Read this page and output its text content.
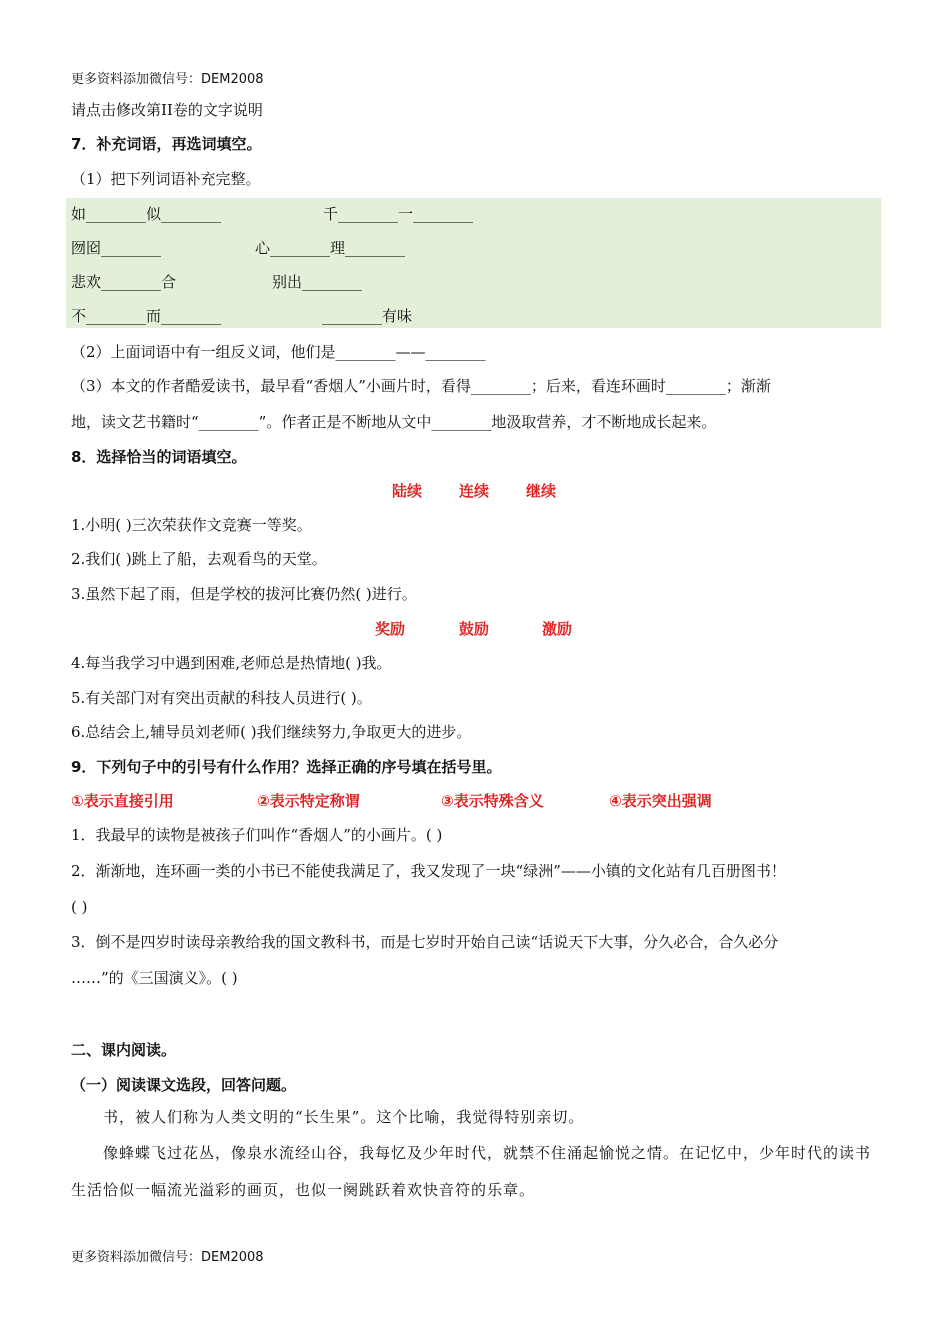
更多资料添加微信号：DEM2008
请点击修改第II卷的文字说明
7．补充词语，再选词填空。
（1）把下列词语补充完整。
如________似________	千________一________
囫囵________	心________理________
悲欢________合	别出________
不________而________	________有味
（2）上面词语中有一组反义词，他们是________——________
（3）本文的作者酷爱读书，最早看“香烟人”小画片时，看得________；后来，看连环画时________；渐渐
地，读文艺书籍时“________”。作者正是不断地从文中________地汲取营养，才不断地成长起来。
8．选择恰当的词语填空。
陆续 连续 继续
1.小明( )三次荣获作文竞赛一等奖。
2.我们( )跳上了船，去观看鸟的天堂。
3.虽然下起了雨，但是学校的拔河比赛仍然( )进行。
奖励	鼓励	激励
4.每当我学习中遇到困难,老师总是热情地( )我。
5.有关部门对有突出贡献的科技人员进行( )。
6.总结会上,辅导员刘老师( )我们继续努力,争取更大的进步。
9．下列句子中的引号有什么作用？选择正确的序号填在括号里。
①表示直接引用	②表示特定称谓	③表示特殊含义	④表示突出强调
1．我最早的读物是被孩子们叫作“香烟人”的小画片。( )
2．渐渐地，连环画一类的小书已不能使我满足了，我又发现了一块“绿洲”——小镇的文化站有几百册图书！
( )
3．倒不是四岁时读母亲教给我的国文教科书，而是七岁时开始自己读“话说天下大事，分久必合，合久必分
……”的《三国演义》。( )
二、课内阅读。
（一）阅读课文选段，回答问题。
书，被人们称为人类文明的“长生果”。这个比喻，我觉得特别亲切。
像蜂蝶飞过花丛，像泉水流经山谷，我每忆及少年时代，就禁不住涌起愉悦之情。在记忆中，少年时代的读书生活恰似一幅流光溢彩的画页，也似一阕跳跃着欢快音符的乐章。
更多资料添加微信号：DEM2008
